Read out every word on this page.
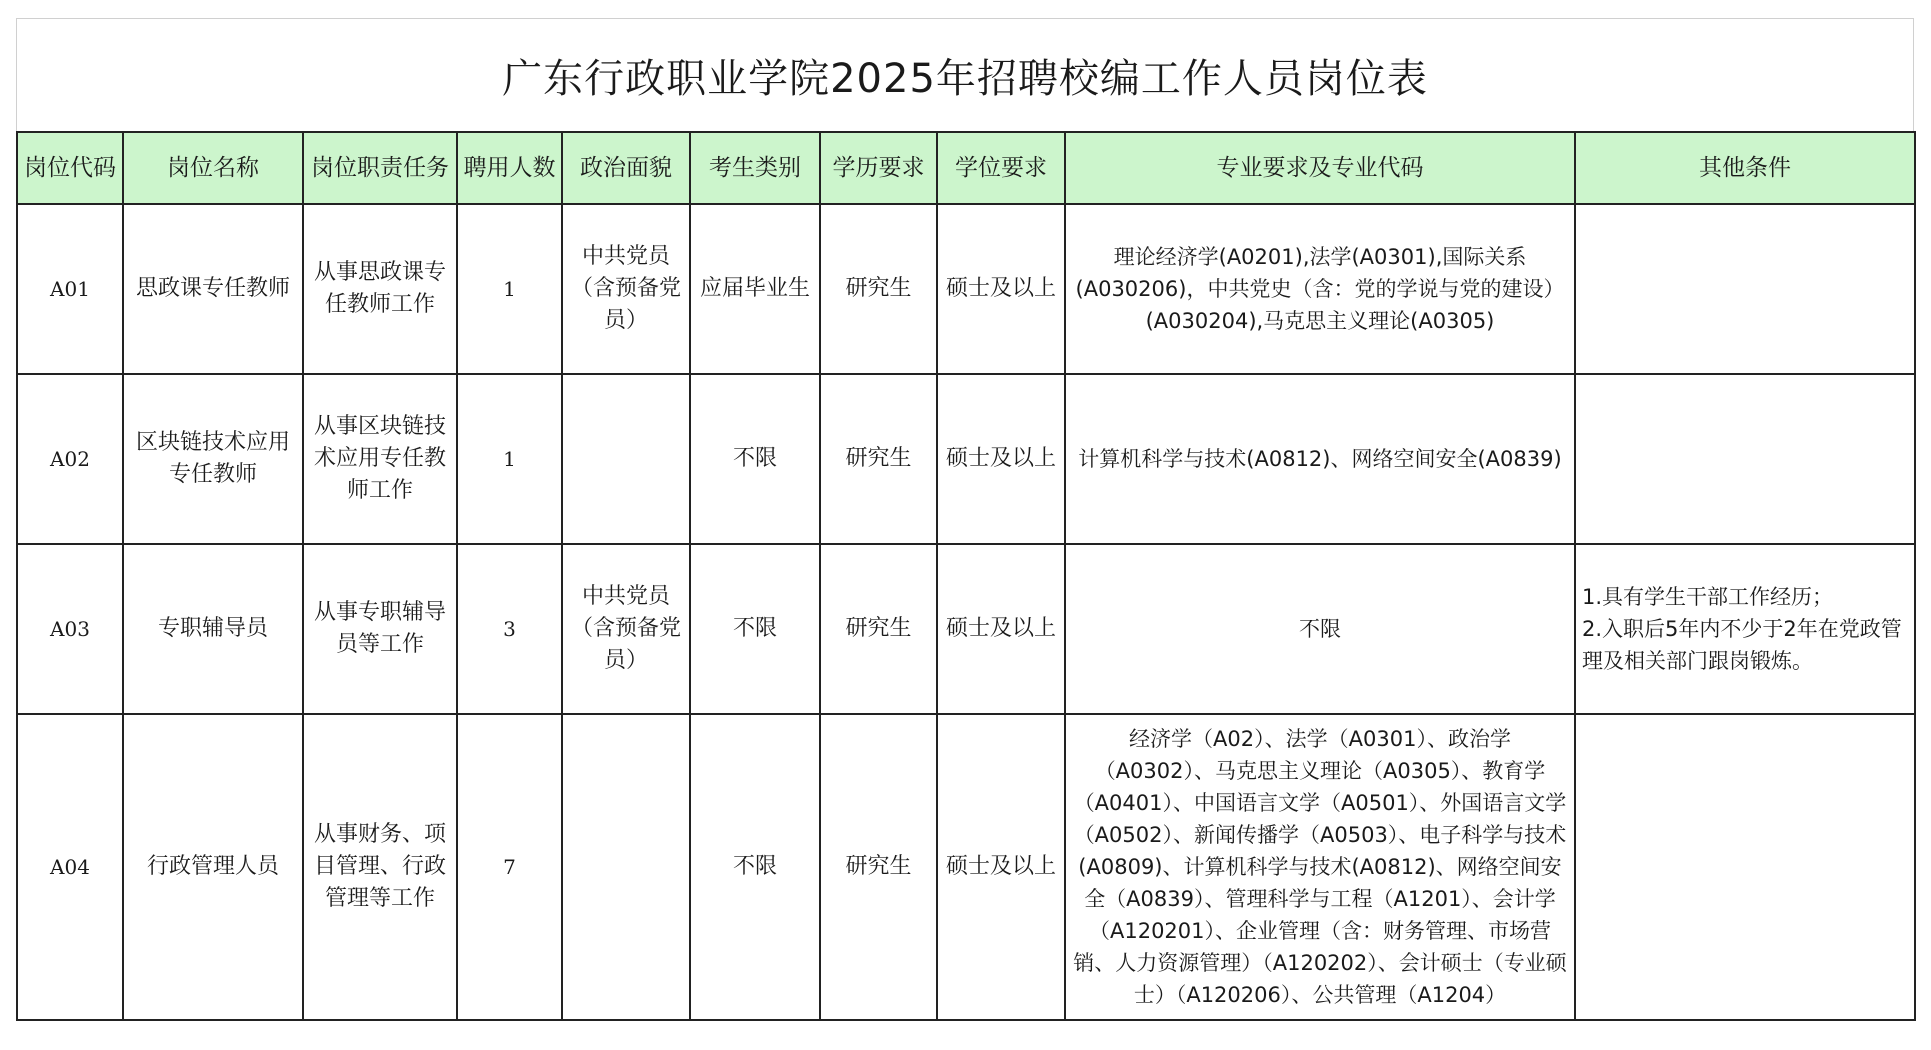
广东行政职业学院2025年招聘校编工作人员岗位表
岗位代码	岗位名称	岗位职责任务	聘用人数	政治面貌	考生类别	学历要求	学位要求	专业要求及专业代码	其他条件
A01	思政课专任教师	从事思政课专任教师工作	1	中共党员（含预备党员）	应届毕业生	研究生	硕士及以上	理论经济学(A0201),法学(A0301),国际关系(A030206)，中共党史（含：党的学说与党的建设）(A030204),马克思主义理论(A0305)	

A02	区块链技术应用专任教师	从事区块链技术应用专任教师工作	1		不限	研究生	硕士及以上	计算机科学与技术(A0812)、网络空间安全(A0839)	

A03	专职辅导员	从事专职辅导员等工作	3	中共党员（含预备党员）	不限	研究生	硕士及以上	不限	1.具有学生干部工作经历；
2.入职后5年内不少于2年在党政管理及相关部门跟岗锻炼。

A04	行政管理人员	从事财务、项目管理、行政管理等工作	7		不限	研究生	硕士及以上	经济学（A02）、法学（A0301）、政治学（A0302）、马克思主义理论（A0305）、教育学（A0401）、中国语言文学（A0501）、外国语言文学（A0502）、新闻传播学（A0503）、电子科学与技术(A0809)、计算机科学与技术(A0812)、网络空间安全（A0839）、管理科学与工程（A1201）、会计学（A120201）、企业管理（含：财务管理、市场营销、人力资源管理）（A120202）、会计硕士（专业硕士）（A120206）、公共管理（A1204）	
